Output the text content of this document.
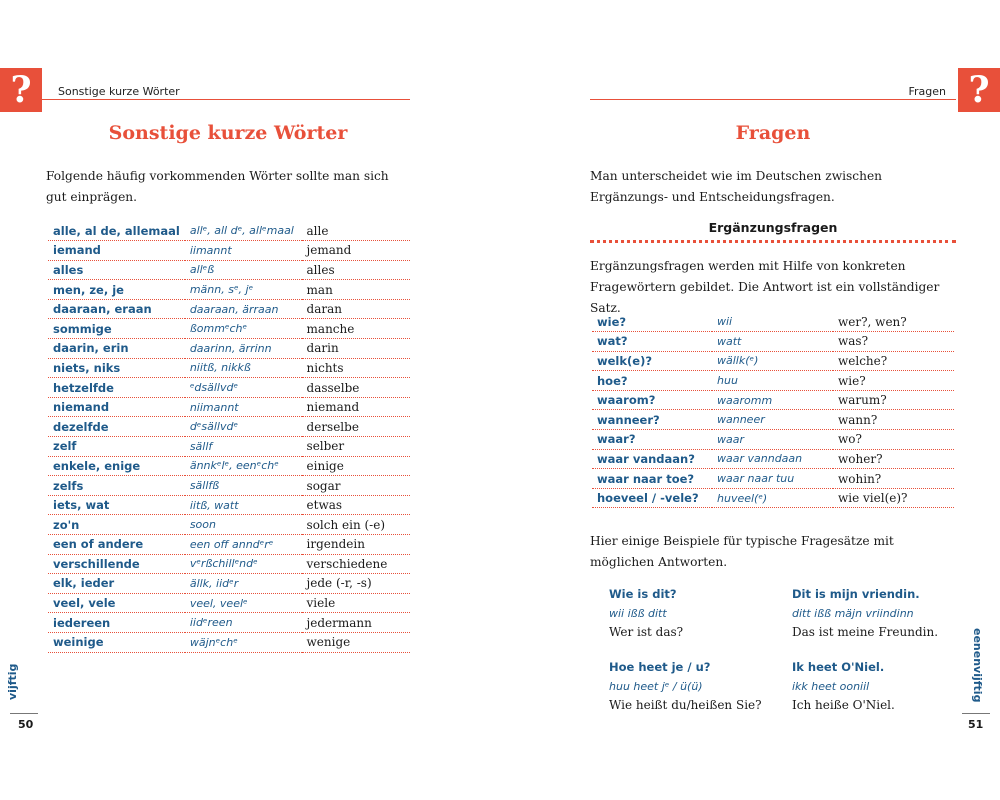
?	Sonstige kurze Wörter
Sonstige kurze Wörter
Folgende häufig vorkommenden Wörter sollte man sich gut einprägen.
alle, al de, allemaal	allᵉ, all dᵉ, allᵉmaal	alle
iemand	iimannt	jemand
alles	allᵉß	alles
men, ze, je	männ, sᵉ, jᵉ	man
daaraan, eraan	daaraan, ärraan	daran
sommige	ßommᵉchᵉ	manche
daarin, erin	daarinn, ärrinn	darin
niets, niks	niitß, nikkß	nichts
hetzelfde	ᵉdsällvdᵉ	dasselbe
niemand	niimannt	niemand
dezelfde	dᵉsällvdᵉ	derselbe
zelf	sällf	selber
enkele, enige	ännkᵉlᵉ, eenᵉchᵉ	einige
zelfs	sällfß	sogar
iets, wat	iitß, watt	etwas
zo'n	soon	solch ein (-e)
een of andere	een off anndᵉrᵉ	irgendein
verschillende	vᵉrßchillᵉndᵉ	verschiedene
elk, ieder	ällk, iidᵉr	jede (-r, -s)
veel, vele	veel, veelᵉ	viele
iedereen	iidᵉreen	jedermann
weinige	wäjnᵉchᵉ	wenige
vijftig
50
?
Fragen
Fragen
Man unterscheidet wie im Deutschen zwischen Ergänzungs- und Entscheidungsfragen.
Ergänzungsfragen
Ergänzungsfragen werden mit Hilfe von konkreten Fragewörtern gebildet. Die Antwort ist ein vollständiger Satz.
wie?	wii	wer?, wen?
wat?	watt	was?
welk(e)?	wällk(ᵉ)	welche?
hoe?	huu	wie?
waarom?	waaromm	warum?
wanneer?	wanneer	wann?
waar?	waar	wo?
waar vandaan?	waar vanndaan	woher?
waar naar toe?	waar naar tuu	wohin?
hoeveel / -vele?	huveel(ᵉ)	wie viel(e)?
Hier einige Beispiele für typische Fragesätze mit möglichen Antworten.
Wie is dit?
wii ißß ditt
Wer ist das?
Dit is mijn vriendin.
ditt ißß mäjn vriindinn
Das ist meine Freundin.
Hoe heet je / u?
huu heet jᵉ / ü(ü)
Wie heißt du/heißen Sie?
Ik heet O'Niel.
ikk heet ooniil
Ich heiße O'Niel.
eenenvijftig
51
